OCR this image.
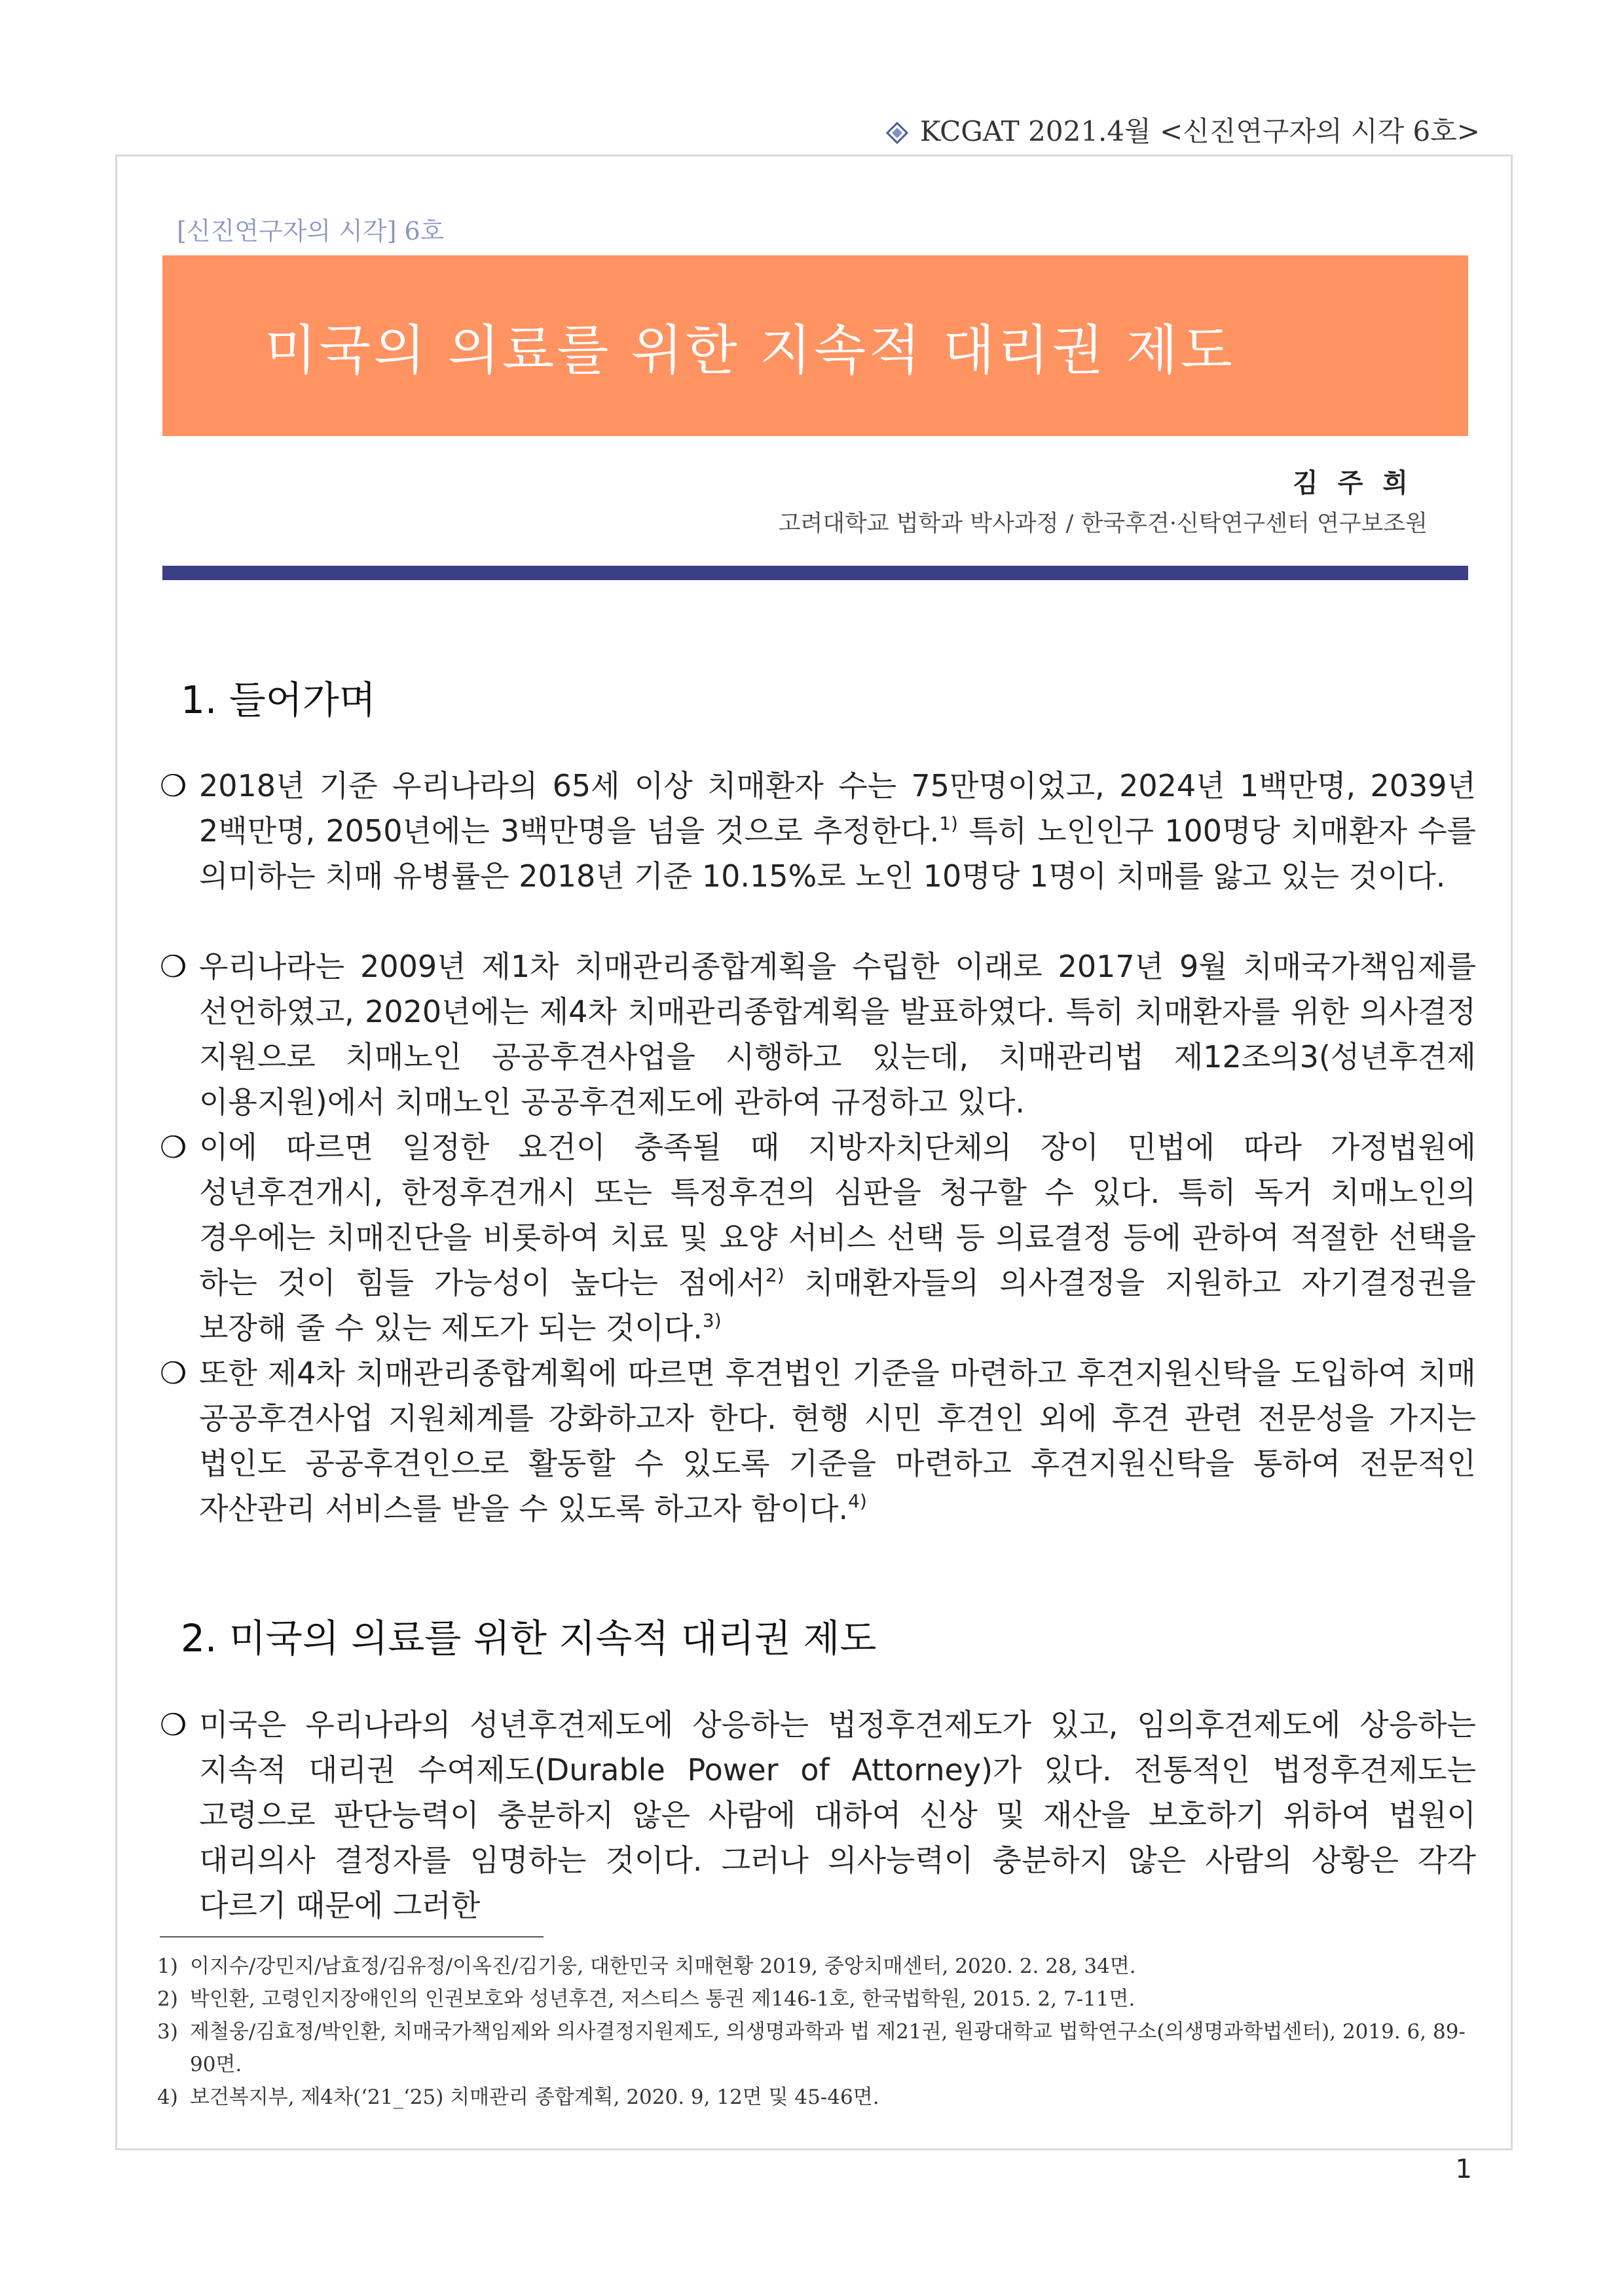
KCGAT 2021.4월 <신진연구자의 시각 6호>
[신진연구자의 시각] 6호
미국의 의료를 위한 지속적 대리권 제도
김주희
고려대학교 법학과 박사과정 / 한국후견·신탁연구센터 연구보조원
1. 들어가며
❍ 2018년 기준 우리나라의 65세 이상 치매환자 수는 75만명이었고, 2024년 1백만명, 2039년 2백만명, 2050년에는 3백만명을 넘을 것으로 추정한다.$^{1)}$ 특히 노인인구 100명당 치매환자 수를 의미하는 치매 유병률은 2018년 기준 10.15%로 노인 10명당 1명이 치매를 앓고 있는 것이다.
❍ 우리나라는 2009년 제1차 치매관리종합계획을 수립한 이래로 2017년 9월 치매국가책임제를 선언하였고, 2020년에는 제4차 치매관리종합계획을 발표하였다. 특히 치매환자를 위한 의사결정 지원으로 치매노인 공공후견사업을 시행하고 있는데, 치매관리법 제12조의3(성년후견제 이용지원)에서 치매노인 공공후견제도에 관하여 규정하고 있다.
❍ 이에 따르면 일정한 요건이 충족될 때 지방자치단체의 장이 민법에 따라 가정법원에 성년후견개시, 한정후견개시 또는 특정후견의 심판을 청구할 수 있다. 특히 독거 치매노인의 경우에는 치매진단을 비롯하여 치료 및 요양 서비스 선택 등 의료결정 등에 관하여 적절한 선택을 하는 것이 힘들 가능성이 높다는 점에서$^{2)}$ 치매환자들의 의사결정을 지원하고 자기결정권을 보장해 줄 수 있는 제도가 되는 것이다.$^{3)}$
❍ 또한 제4차 치매관리종합계획에 따르면 후견법인 기준을 마련하고 후견지원신탁을 도입하여 치매 공공후견사업 지원체계를 강화하고자 한다. 현행 시민 후견인 외에 후견 관련 전문성을 가지는 법인도 공공후견인으로 활동할 수 있도록 기준을 마련하고 후견지원신탁을 통하여 전문적인 자산관리 서비스를 받을 수 있도록 하고자 함이다.$^{4)}$
2. 미국의 의료를 위한 지속적 대리권 제도
❍ 미국은 우리나라의 성년후견제도에 상응하는 법정후견제도가 있고, 임의후견제도에 상응하는 지속적 대리권 수여제도(Durable Power of Attorney)가 있다. 전통적인 법정후견제도는 고령으로 판단능력이 충분하지 않은 사람에 대하여 신상 및 재산을 보호하기 위하여 법원이 대리의사 결정자를 임명하는 것이다. 그러나 의사능력이 충분하지 않은 사람의 상황은 각각 다르기 때문에 그러한
1) 이지수/강민지/남효정/김유정/이옥진/김기웅, 대한민국 치매현황 2019, 중앙치매센터, 2020. 2. 28, 34면.
2) 박인환, 고령인지장애인의 인권보호와 성년후견, 저스티스 통권 제146-1호, 한국법학원, 2015. 2, 7-11면.
3) 제철웅/김효정/박인환, 치매국가책임제와 의사결정지원제도, 의생명과학과 법 제21권, 원광대학교 법학연구소(의생명과학법센터), 2019. 6, 89-90면.
4) 보건복지부, 제4차(‘21_‘25) 치매관리 종합계획, 2020. 9, 12면 및 45-46면.
1
